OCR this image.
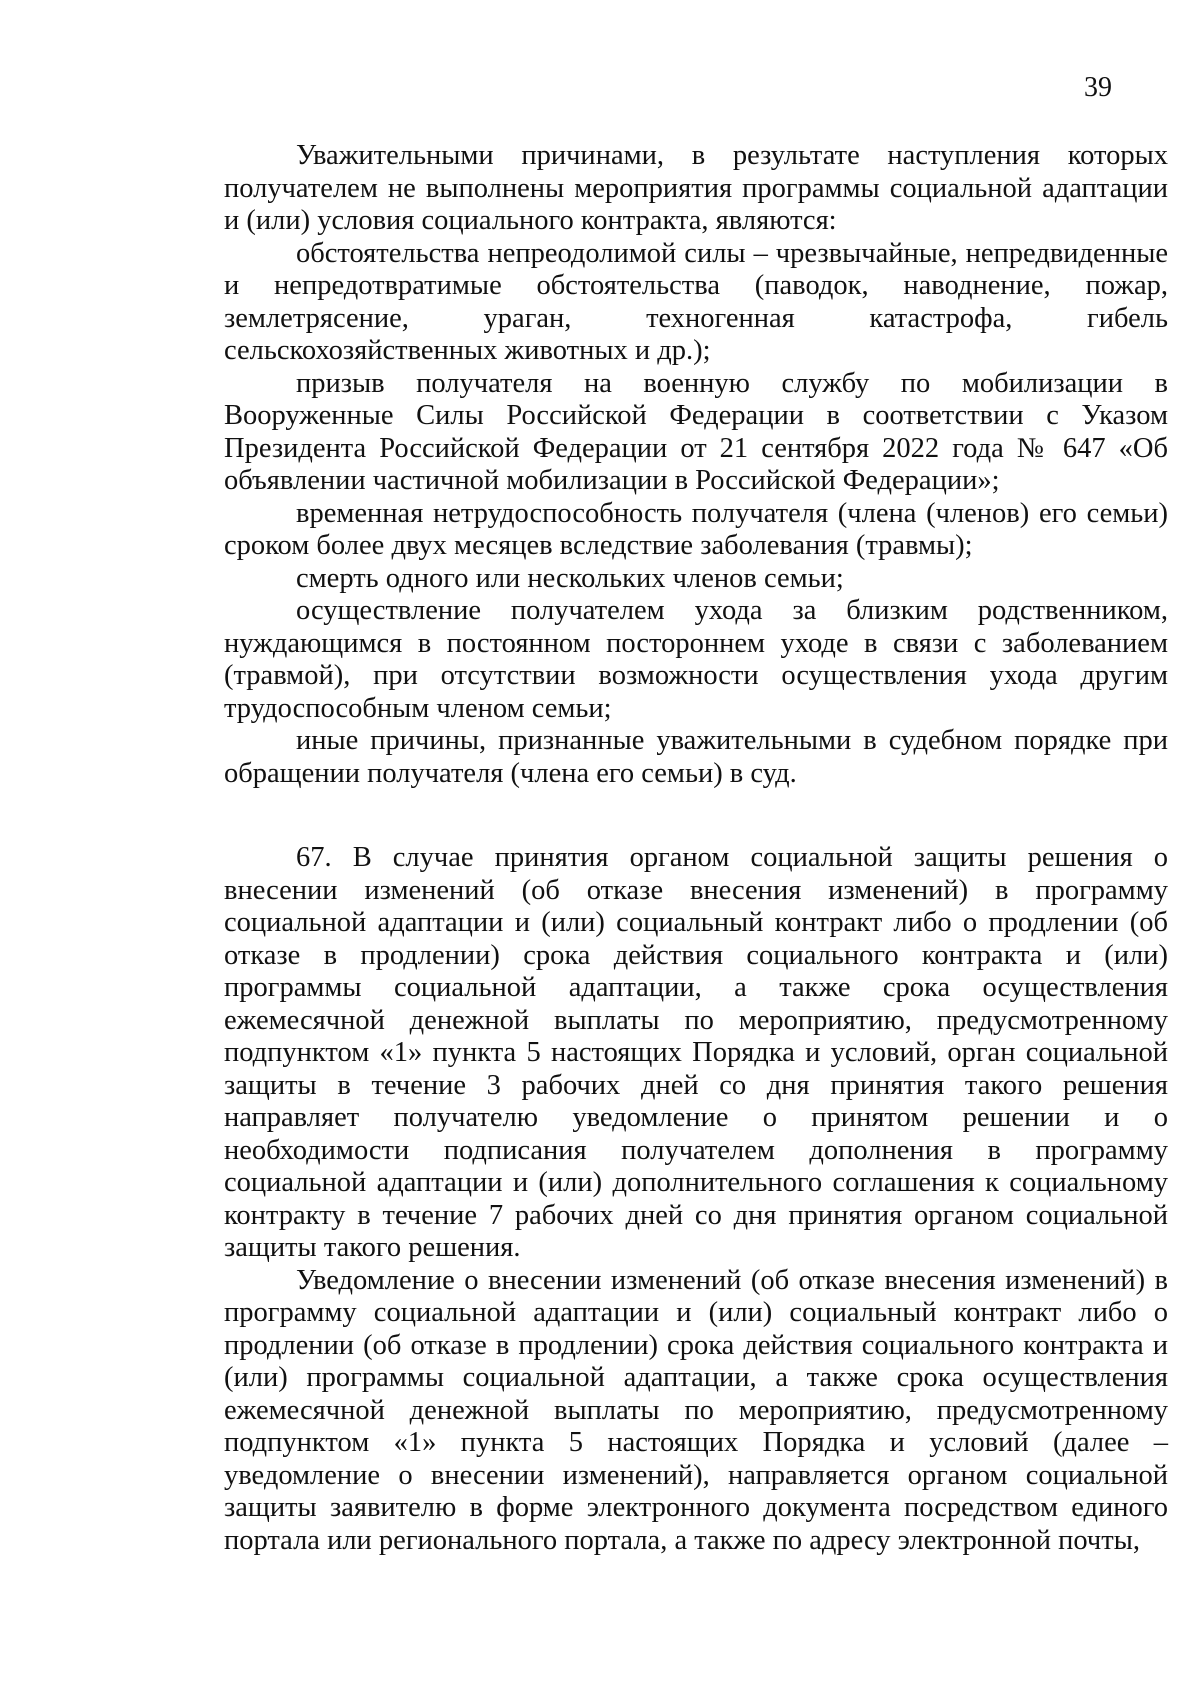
39

Уважительными причинами, в результате наступления которых получателем не выполнены мероприятия программы социальной адаптации и (или) условия социального контракта, являются:

обстоятельства непреодолимой силы – чрезвычайные, непредвиденные и непредотвратимые обстоятельства (паводок, наводнение, пожар, землетрясение, ураган, техногенная катастрофа, гибель сельскохозяйственных животных и др.);

призыв получателя на военную службу по мобилизации в Вооруженные Силы Российской Федерации в соответствии с Указом Президента Российской Федерации от 21 сентября 2022 года № 647 «Об объявлении частичной мобилизации в Российской Федерации»;

временная нетрудоспособность получателя (члена (членов) его семьи) сроком более двух месяцев вследствие заболевания (травмы);

смерть одного или нескольких членов семьи;

осуществление получателем ухода за близким родственником, нуждающимся в постоянном постороннем уходе в связи с заболеванием (травмой), при отсутствии возможности осуществления ухода другим трудоспособным членом семьи;

иные причины, признанные уважительными в судебном порядке при обращении получателя (члена его семьи) в суд.

67. В случае принятия органом социальной защиты решения о внесении изменений (об отказе внесения изменений) в программу социальной адаптации и (или) социальный контракт либо о продлении (об отказе в продлении) срока действия социального контракта и (или) программы социальной адаптации, а также срока осуществления ежемесячной денежной выплаты по мероприятию, предусмотренному подпунктом «1» пункта 5 настоящих Порядка и условий, орган социальной защиты в течение 3 рабочих дней со дня принятия такого решения направляет получателю уведомление о принятом решении и о необходимости подписания получателем дополнения в программу социальной адаптации и (или) дополнительного соглашения к социальному контракту в течение 7 рабочих дней со дня принятия органом социальной защиты такого решения.

Уведомление о внесении изменений (об отказе внесения изменений) в программу социальной адаптации и (или) социальный контракт либо о продлении (об отказе в продлении) срока действия социального контракта и (или) программы социальной адаптации, а также срока осуществления ежемесячной денежной выплаты по мероприятию, предусмотренному подпунктом «1» пункта 5 настоящих Порядка и условий (далее – уведомление о внесении изменений), направляется органом социальной защиты заявителю в форме электронного документа посредством единого портала или регионального портала, а также по адресу электронной почты,
